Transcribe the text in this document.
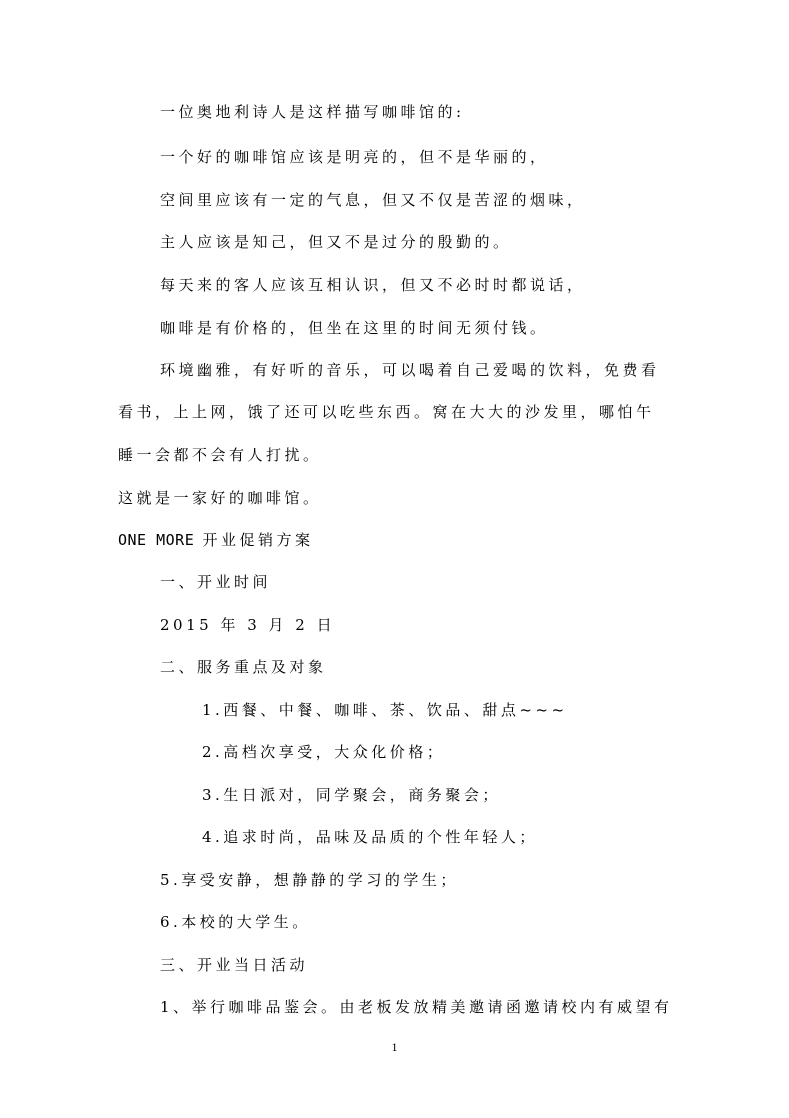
一位奥地利诗人是这样描写咖啡馆的:
一个好的咖啡馆应该是明亮的，但不是华丽的，
空间里应该有一定的气息，但又不仅是苦涩的烟味，
主人应该是知己，但又不是过分的殷勤的。
每天来的客人应该互相认识，但又不必时时都说话，
咖啡是有价格的，但坐在这里的时间无须付钱。
环境幽雅，有好听的音乐，可以喝着自己爱喝的饮料，免费看
看书，上上网，饿了还可以吃些东西。窝在大大的沙发里，哪怕午
睡一会都不会有人打扰。
这就是一家好的咖啡馆。
ONE MORE 开业促销方案
一、开业时间
2015 年 3 月 2 日
二、服务重点及对象
1.西餐、中餐、咖啡、茶、饮品、甜点~~~
2.高档次享受，大众化价格；
3.生日派对，同学聚会，商务聚会；
4.追求时尚，品味及品质的个性年轻人；
5.享受安静，想静静的学习的学生；
6.本校的大学生。
三、开业当日活动
1、举行咖啡品鉴会。由老板发放精美邀请函邀请校内有威望有
1
